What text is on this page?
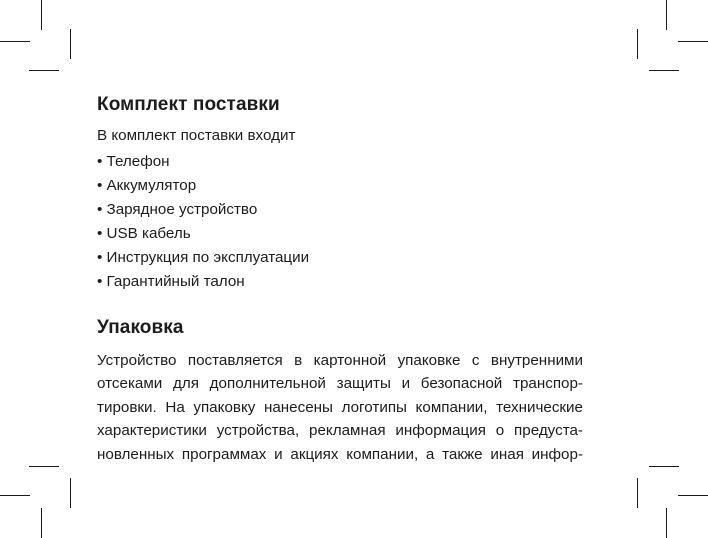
Комплект поставки
В комплект поставки входит
• Телефон
• Аккумулятор
• Зарядное устройство
• USB кабель
• Инструкция по эксплуатации
• Гарантийный талон
Упаковка
Устройство поставляется в картонной упаковке с внутренними
отсеками для дополнительной защиты и безопасной транспор-
тировки. На упаковку нанесены логотипы компании, технические
характеристики устройства, рекламная информация о предуста-
новленных программах и акциях компании, а также иная инфор-
